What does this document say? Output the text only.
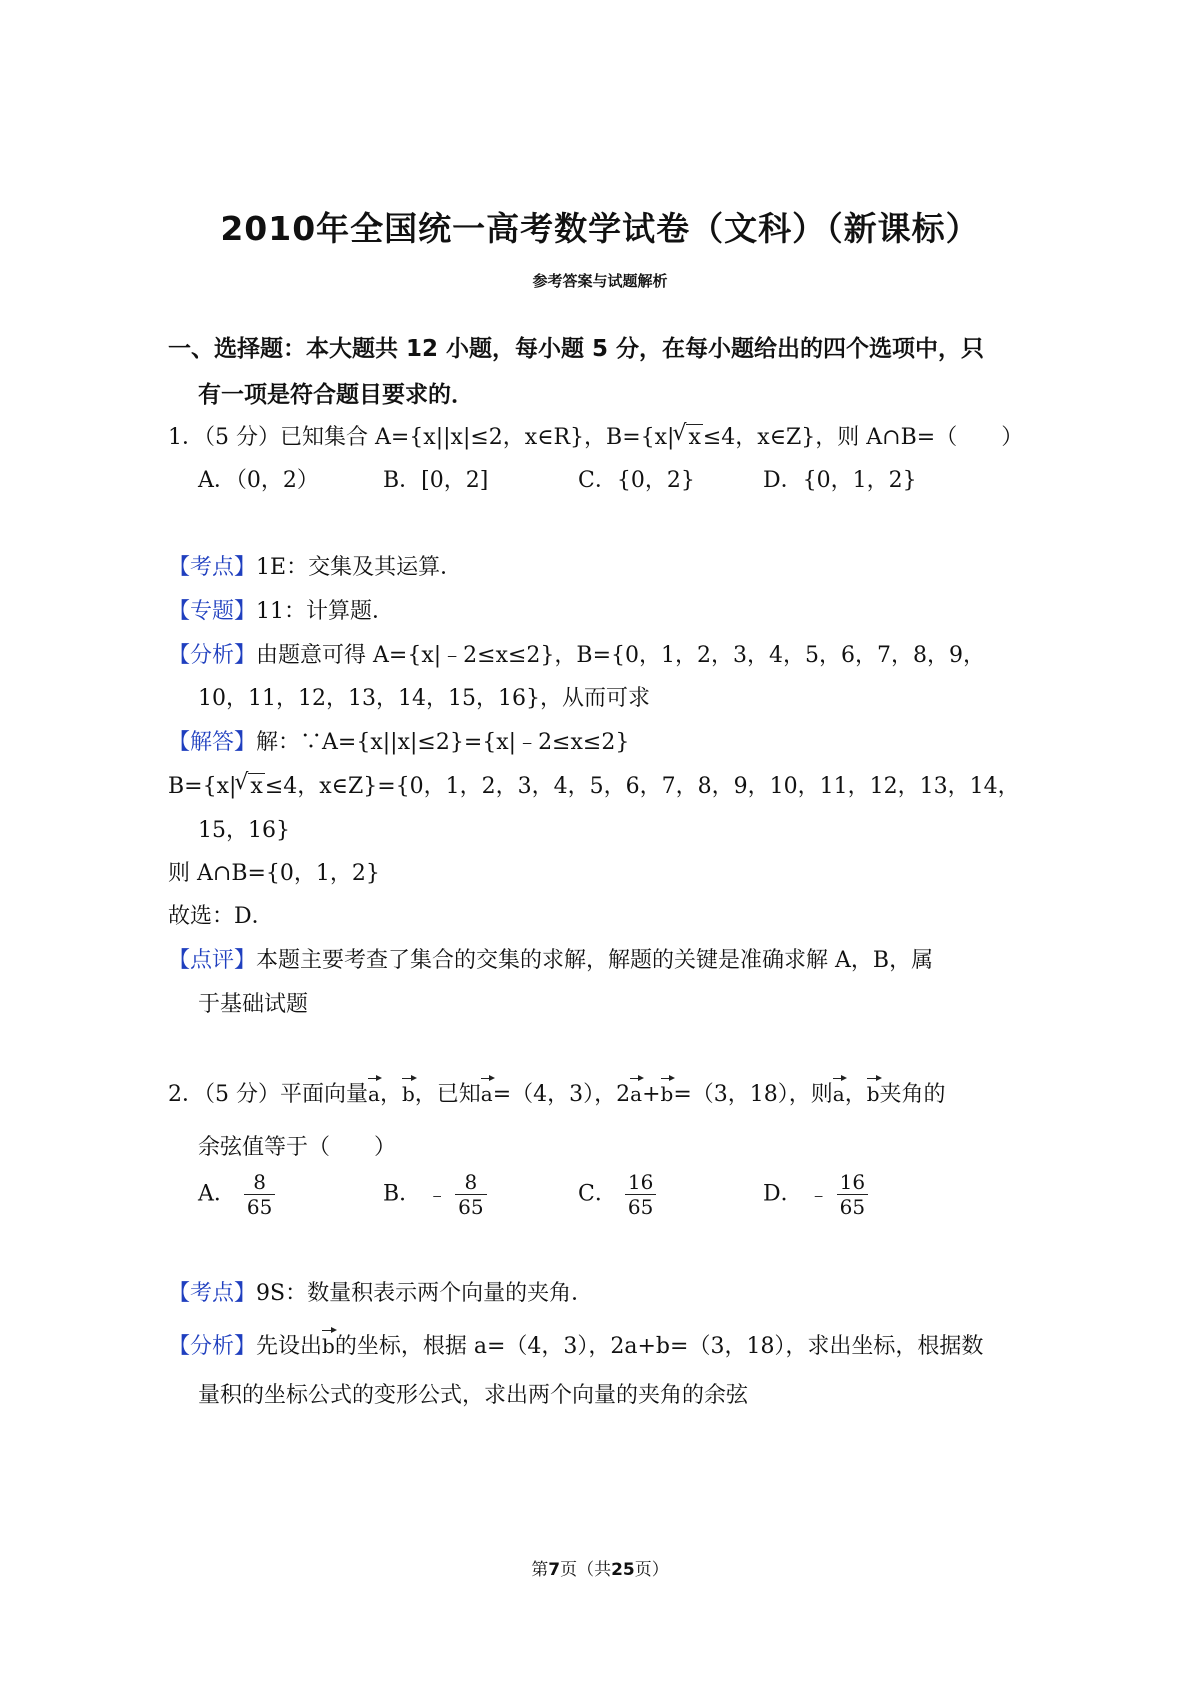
2010年全国统一高考数学试卷（文科）（新课标）
参考答案与试题解析
一、选择题：本大题共 12 小题，每小题 5 分，在每小题给出的四个选项中，只
有一项是符合题目要求的．
1．（5 分）已知集合 A={x||x|≤2，x∈R}，B={x| √ x≤4，x∈Z}，则 A∩B=（　　）
A．（0，2）	B．[0，2]	C．{0，2}	D．{0，1，2}
【考点】1E：交集及其运算．
【专题】11：计算题．
【分析】由题意可得 A={x|﹣2≤x≤2}，B={0，1，2，3，4，5，6，7，8，9，
10，11，12，13，14，15，16}，从而可求
【解答】解：∵A={x||x|≤2}={x|﹣2≤x≤2}
B={x| √ x≤4，x∈Z}={0，1，2，3，4，5，6，7，8，9，10，11，12，13，14，
15，16}
则 A∩B={0，1，2}
故选：D．
【点评】本题主要考查了集合的交集的求解，解题的关键是准确求解 A，B，属
于基础试题
2．（5 分）平面向量a，b，已知a=（4，3），2a+b=（3，18），则a，b夹角的
余弦值等于（　　）
A． $\frac{8}{65}$	B． ﹣ $\frac{8}{65}$	C． $\frac{16}{65}$	D． ﹣ $\frac{16}{65}$
【考点】9S：数量积表示两个向量的夹角．
【分析】先设出b的坐标，根据 a=（4，3），2a+b=（3，18），求出坐标，根据数
量积的坐标公式的变形公式，求出两个向量的夹角的余弦
第7页（共25页）
